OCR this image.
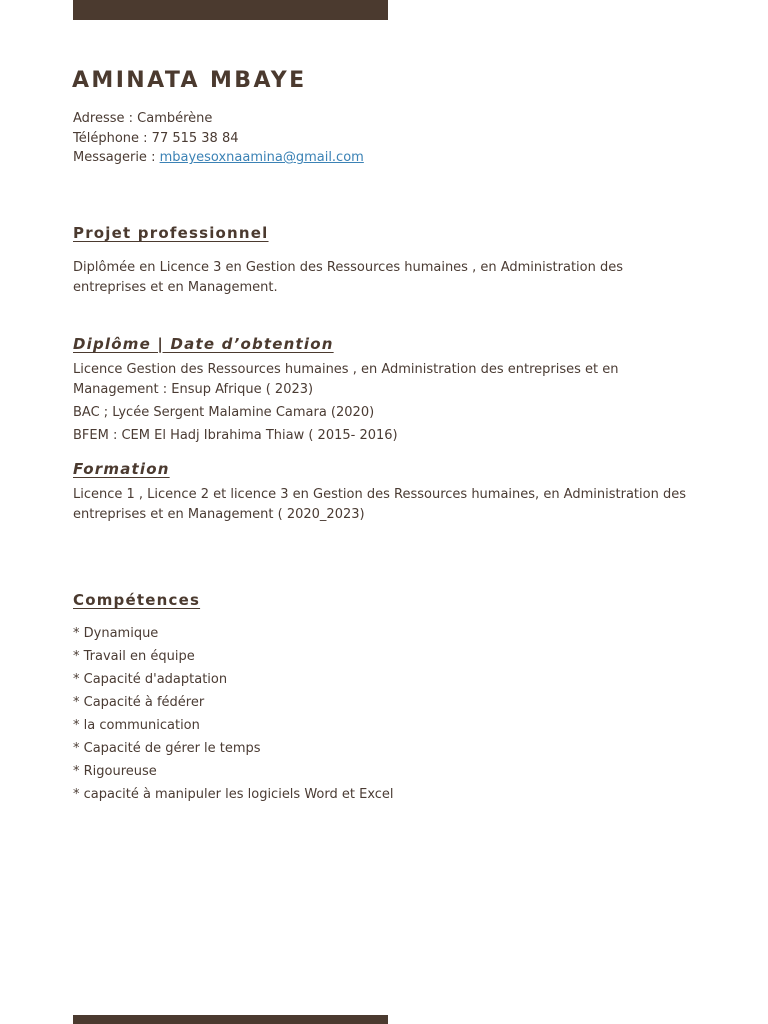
AMINATA MBAYE
Adresse : Cambérène
Téléphone : 77 515 38 84
Messagerie : mbayesoxnaamina@gmail.com
Projet professionnel

Diplômée en Licence 3 en Gestion des Ressources humaines , en Administration des entreprises et en Management.

Diplôme | Date d’obtention
Licence Gestion des Ressources humaines , en Administration des entreprises et en Management : Ensup Afrique ( 2023)
BAC ; Lycée Sergent Malamine Camara (2020)
BFEM : CEM El Hadj Ibrahima Thiaw ( 2015- 2016)
Formation

Licence 1 , Licence 2 et licence 3 en Gestion des Ressources humaines, en Administration des entreprises et en Management ( 2020_2023)

Compétences
* Dynamique
* Travail en équipe
* Capacité d'adaptation
* Capacité à fédérer
* la communication
* Capacité de gérer le temps
* Rigoureuse
* capacité à manipuler les logiciels Word et Excel
